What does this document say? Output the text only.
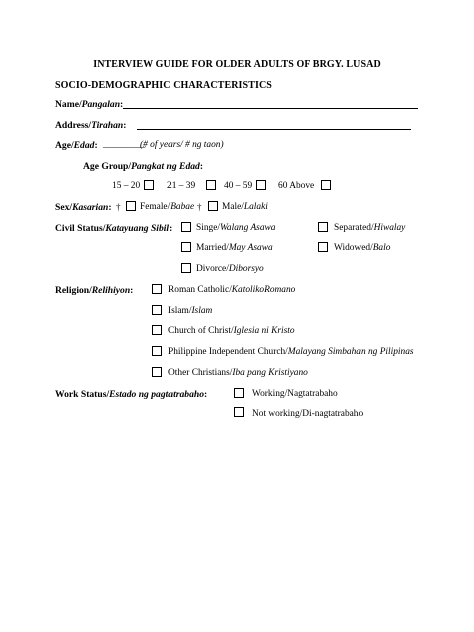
INTERVIEW GUIDE FOR OLDER ADULTS OF BRGY. LUSAD
SOCIO-DEMOGRAPHIC CHARACTERISTICS
Name/Pangalan:
Address/Tirahan:
Age/Edad: _________
(# of years/ # ng taon)
Age Group/Pangkat ng Edad:
15 – 20	21 – 39	40 – 59	60 Above
Sex/Kasarian: † Female/Babae † Male/Lalaki
Civil Status/Katayuang Sibil:	Singe/Walang Asawa	Separated/Hiwalay
Married/May Asawa	Widowed/Balo
Divorce/Diborsyo
Religion/Relihiyon:	Roman Catholic/KatolikoRomano
Islam/Islam
Church of Christ/Iglesia ni Kristo
Philippine Independent Church/Malayang Simbahan ng Pilipinas
Other Christians/Iba pang Kristiyano
Work Status/Estado ng pagtatrabaho:	Working/Nagtatrabaho
Not working/Di-nagtatrabaho
